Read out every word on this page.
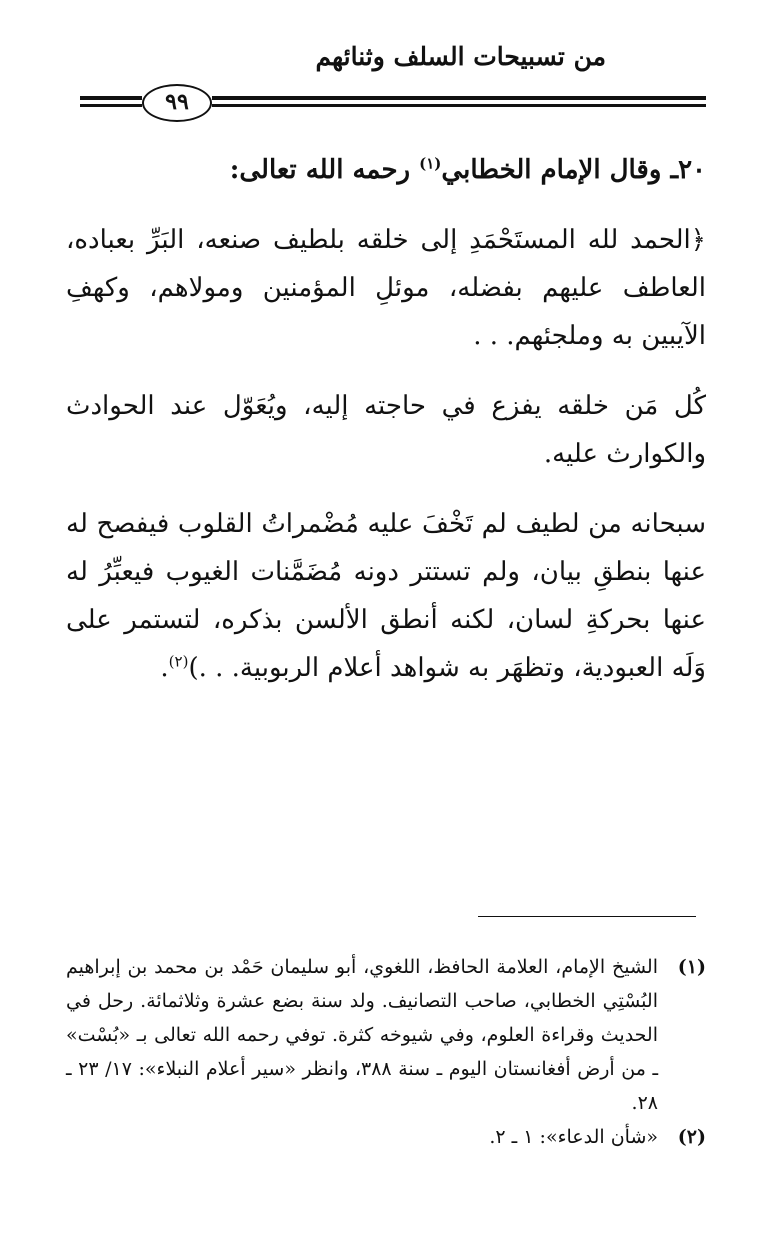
من تسبيحات السلف وثنائهم
٩٩

٢٠ـ وقال الإمام الخطابي$^{(١)}$ رحمه الله تعالى:

﴿الحمد لله المستَحْمَدِ إلى خلقه بلطيف صنعه، البَرِّ بعباده، العاطف عليهم بفضله، موئلِ المؤمنين ومولاهم، وكهفِ الآيبين به وملجئهم. . .

كُل مَن خلقه يفزع في حاجته إليه، ويُعَوّل عند الحوادث والكوارث عليه.

سبحانه من لطيف لم تَخْفَ عليه مُضْمراتُ القلوب فيفصح له عنها بنطقِ بيان، ولم تستتر دونه مُضَمَّنات الغيوب فيعبِّرُ له عنها بحركةِ لسان، لكنه أنطق الألسن بذكره، لتستمر على وَلَه العبودية، وتظهَر به شواهد أعلام الربوبية. . .)$^{(٢)}$.

(١)
الشيخ الإمام، العلامة الحافظ، اللغوي، أبو سليمان حَمْد بن محمد بن إبراهيم البُسْتِي الخطابي، صاحب التصانيف. ولد سنة بضع عشرة وثلاثمائة. رحل في الحديث وقراءة العلوم، وفي شيوخه كثرة. توفي رحمه الله تعالى بـ «بُسْت» ـ من أرض أفغانستان اليوم ـ سنة ٣٨٨، وانظر «سير أعلام النبلاء»: ١٧/ ٢٣ ـ ٢٨.
(٢)
«شأن الدعاء»: ١ ـ ٢.
